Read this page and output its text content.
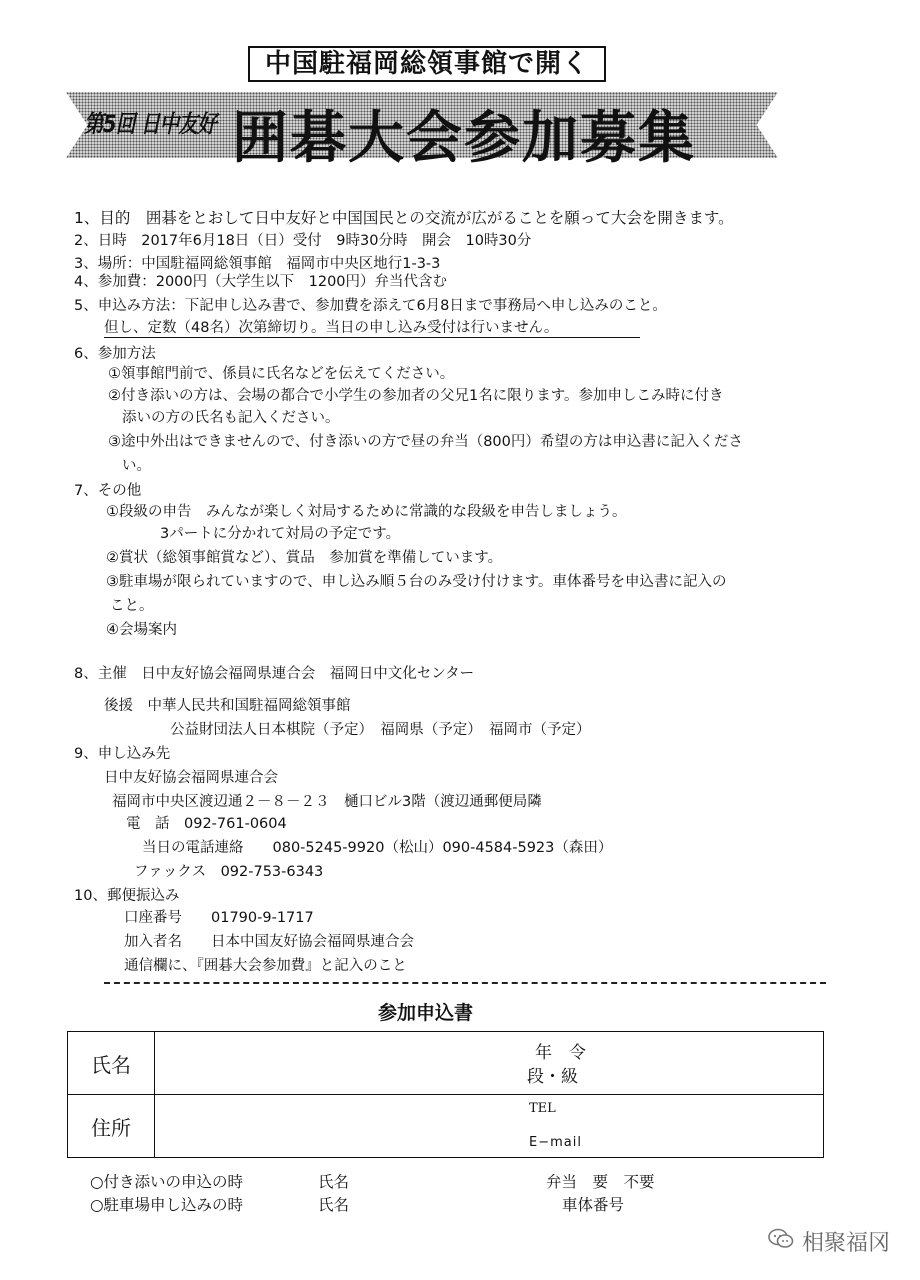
中国駐福岡総領事館で開く
第5回 日中友好 囲碁大会参加募集
1、目的　囲碁をとおして日中友好と中国国民との交流が広がることを願って大会を開きます。
2、日時　2017年6月18日（日）受付　9時30分時　開会　10時30分
3、場所：中国駐福岡総領事館　福岡市中央区地行1-3-3
4、参加費：2000円（大学生以下　1200円）弁当代含む
5、申込み方法：下記申し込み書で、参加費を添えて6月8日まで事務局へ申し込みのこと。
但し、定数（48名）次第締切り。当日の申し込み受付は行いません。
6、参加方法
①領事館門前で、係員に氏名などを伝えてください。
②付き添いの方は、会場の都合で小学生の参加者の父兄1名に限ります。参加申しこみ時に付き
添いの方の氏名も記入ください。
③途中外出はできませんので、付き添いの方で昼の弁当（800円）希望の方は申込書に記入くださ
い。
7、その他
①段級の申告　みんなが楽しく対局するために常識的な段級を申告しましょう。
3パートに分かれて対局の予定です。
②賞状（総領事館賞など）、賞品　参加賞を準備しています。
③駐車場が限られていますので、申し込み順５台のみ受け付けます。車体番号を申込書に記入の
こと。
④会場案内
8、主催　日中友好協会福岡県連合会　福岡日中文化センター
後援　中華人民共和国駐福岡総領事館
公益財団法人日本棋院（予定）　福岡県（予定）　福岡市（予定）
9、申し込み先
日中友好協会福岡県連合会
福岡市中央区渡辺通２－８－２３　樋口ビル3階（渡辺通郵便局隣
電　話　092-761-0604
当日の電話連絡　　080-5245-9920（松山）090-4584-5923（森田）
ファックス　092-753-6343
10、郵便振込み
口座番号　　01790-9-1717
加入者名　　日本中国友好協会福岡県連合会
通信欄に、『囲碁大会参加費』と記入のこと
参加申込書
氏名	年　令
段・級

住所	TEL
E−mail
○付き添いの申込の時	氏名	弁当　要　不要
○駐車場申し込みの時	氏名	車体番号
相聚福冈
